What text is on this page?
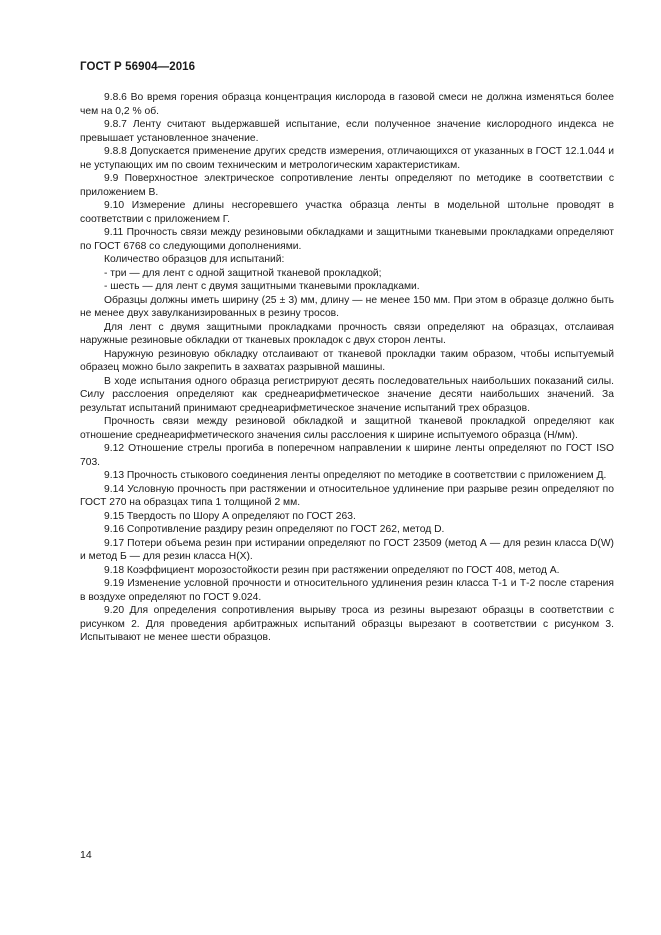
ГОСТ Р 56904—2016

9.8.6 Во время горения образца концентрация кислорода в газовой смеси не должна изменяться более чем на 0,2 % об.

9.8.7 Ленту считают выдержавшей испытание, если полученное значение кислородного индекса не превышает установленное значение.

9.8.8 Допускается применение других средств измерения, отличающихся от указанных в ГОСТ 12.1.044 и не уступающих им по своим техническим и метрологическим характеристикам.

9.9 Поверхностное электрическое сопротивление ленты определяют по методике в соответствии с приложением В.

9.10 Измерение длины несгоревшего участка образца ленты в модельной штольне проводят в соответствии с приложением Г.

9.11 Прочность связи между резиновыми обкладками и защитными тканевыми прокладками определяют по ГОСТ 6768 со следующими дополнениями.

Количество образцов для испытаний:

- три — для лент с одной защитной тканевой прокладкой;

- шесть — для лент с двумя защитными тканевыми прокладками.

Образцы должны иметь ширину (25 ± 3) мм, длину — не менее 150 мм. При этом в образце должно быть не менее двух завулканизированных в резину тросов.

Для лент с двумя защитными прокладками прочность связи определяют на образцах, отслаивая наружные резиновые обкладки от тканевых прокладок с двух сторон ленты.

Наружную резиновую обкладку отслаивают от тканевой прокладки таким образом, чтобы испытуемый образец можно было закрепить в захватах разрывной машины.

В ходе испытания одного образца регистрируют десять последовательных наибольших показаний силы. Силу расслоения определяют как среднеарифметическое значение десяти наибольших значений. За результат испытаний принимают среднеарифметическое значение испытаний трех образцов.

Прочность связи между резиновой обкладкой и защитной тканевой прокладкой определяют как отношение среднеарифметического значения силы расслоения к ширине испытуемого образца (Н/мм).

9.12 Отношение стрелы прогиба в поперечном направлении к ширине ленты определяют по ГОСТ ISO 703.

9.13 Прочность стыкового соединения ленты определяют по методике в соответствии с приложением Д.

9.14 Условную прочность при растяжении и относительное удлинение при разрыве резин определяют по ГОСТ 270 на образцах типа 1 толщиной 2 мм.

9.15 Твердость по Шору А определяют по ГОСТ 263.

9.16 Сопротивление раздиру резин определяют по ГОСТ 262, метод D.

9.17 Потери объема резин при истирании определяют по ГОСТ 23509 (метод А — для резин класса D(W) и метод Б — для резин класса Н(Х).

9.18 Коэффициент морозостойкости резин при растяжении определяют по ГОСТ 408, метод А.

9.19 Изменение условной прочности и относительного удлинения резин класса Т-1 и Т-2 после старения в воздухе определяют по ГОСТ 9.024.

9.20 Для определения сопротивления вырыву троса из резины вырезают образцы в соответствии с рисунком 2. Для проведения арбитражных испытаний образцы вырезают в соответствии с рисунком 3. Испытывают не менее шести образцов.

14
